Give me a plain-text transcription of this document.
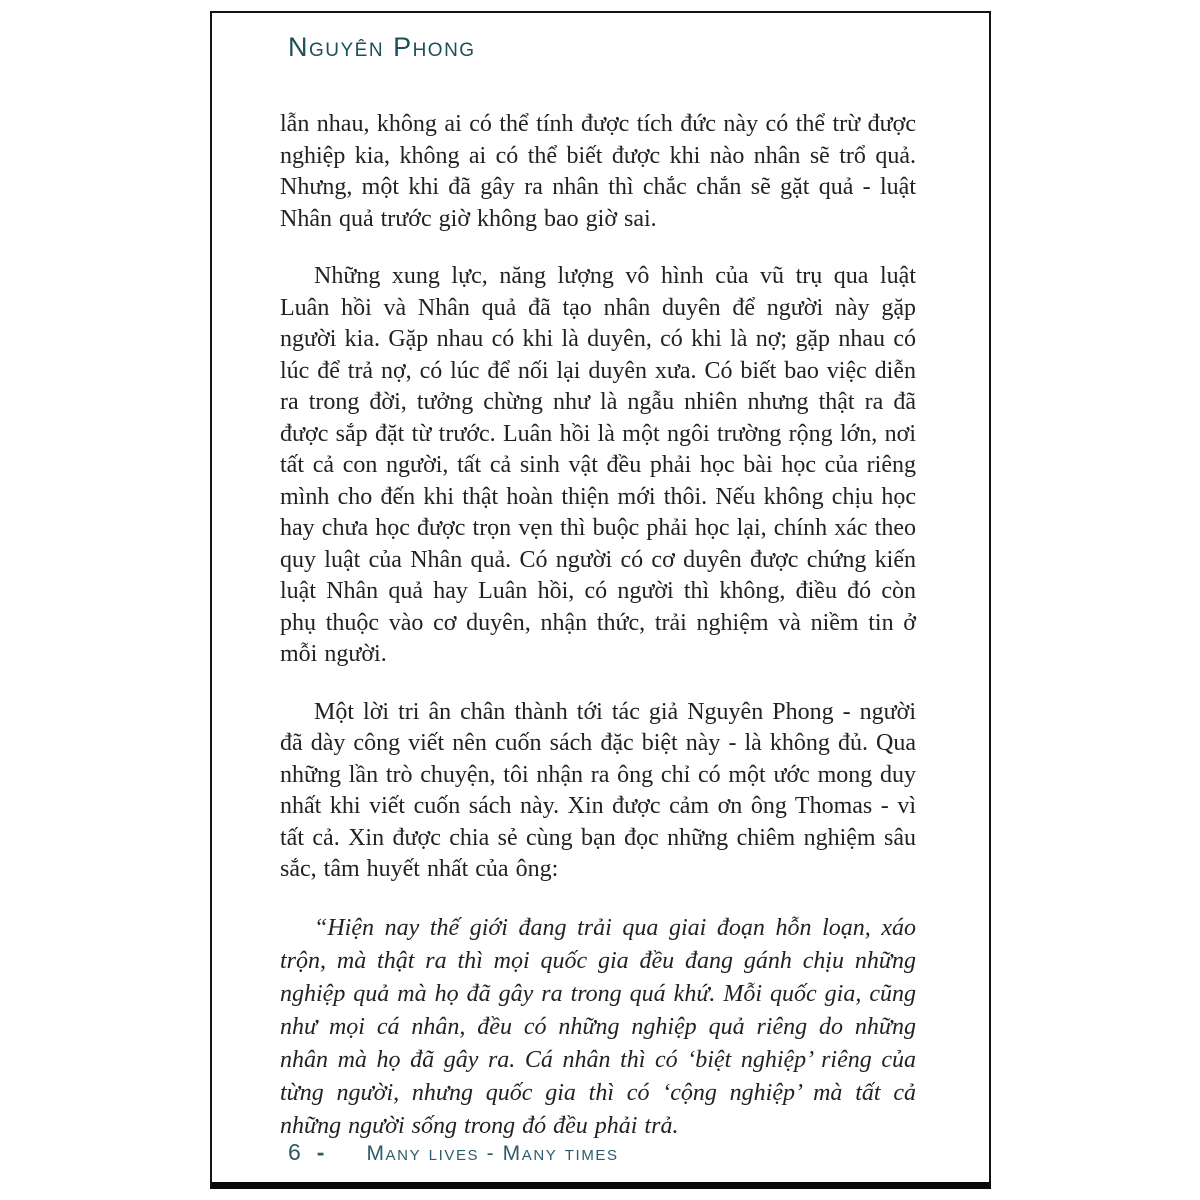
Nguyên Phong

lẫn nhau, không ai có thể tính được tích đức này có thể trừ được nghiệp kia, không ai có thể biết được khi nào nhân sẽ trổ quả. Nhưng, một khi đã gây ra nhân thì chắc chắn sẽ gặt quả - luật Nhân quả trước giờ không bao giờ sai.

Những xung lực, năng lượng vô hình của vũ trụ qua luật Luân hồi và Nhân quả đã tạo nhân duyên để người này gặp người kia. Gặp nhau có khi là duyên, có khi là nợ; gặp nhau có lúc để trả nợ, có lúc để nối lại duyên xưa. Có biết bao việc diễn ra trong đời, tưởng chừng như là ngẫu nhiên nhưng thật ra đã được sắp đặt từ trước. Luân hồi là một ngôi trường rộng lớn, nơi tất cả con người, tất cả sinh vật đều phải học bài học của riêng mình cho đến khi thật hoàn thiện mới thôi. Nếu không chịu học hay chưa học được trọn vẹn thì buộc phải học lại, chính xác theo quy luật của Nhân quả. Có người có cơ duyên được chứng kiến luật Nhân quả hay Luân hồi, có người thì không, điều đó còn phụ thuộc vào cơ duyên, nhận thức, trải nghiệm và niềm tin ở mỗi người.

Một lời tri ân chân thành tới tác giả Nguyên Phong - người đã dày công viết nên cuốn sách đặc biệt này - là không đủ. Qua những lần trò chuyện, tôi nhận ra ông chỉ có một ước mong duy nhất khi viết cuốn sách này. Xin được cảm ơn ông Thomas - vì tất cả. Xin được chia sẻ cùng bạn đọc những chiêm nghiệm sâu sắc, tâm huyết nhất của ông:

“Hiện nay thế giới đang trải qua giai đoạn hỗn loạn, xáo trộn, mà thật ra thì mọi quốc gia đều đang gánh chịu những nghiệp quả mà họ đã gây ra trong quá khứ. Mỗi quốc gia, cũng như mọi cá nhân, đều có những nghiệp quả riêng do những nhân mà họ đã gây ra. Cá nhân thì có ‘biệt nghiệp’ riêng của từng người, nhưng quốc gia thì có ‘cộng nghiệp’ mà tất cả những người sống trong đó đều phải trả.

6 - Many lives - Many times
